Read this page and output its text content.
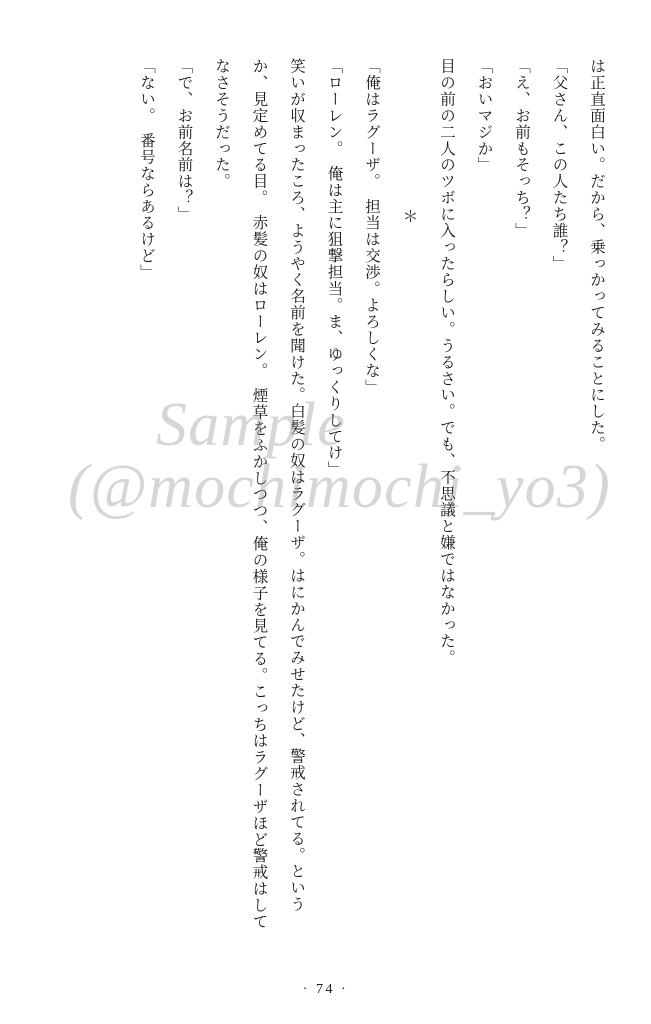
は正直面白い。だから、乗っかってみることにした。
「父さん、この人たち誰？」
「え、お前もそっち？」
「おいマジか」
目の前の二人のツボに入ったらしい。うるさい。でも、不思議と嫌ではなかった。
＊
「俺はラグーザ。　担当は交渉。よろしくな」
「ローレン。　俺は主に狙撃担当。ま、ゆっくりしてけ」
笑いが収まったころ、ようやく名前を聞けた。白髪の奴はラグーザ。はにかんでみせたけど、警戒されてる。というか、見定めてる目。　赤髪の奴はローレン。　煙草をふかしつつ、俺の様子を見てる。こっちはラグーザほど警戒はしてなさそうだった。
「で、お前名前は？」
「ない。　番号ならあるけど」
Sample
(@mochimochi_yo3)
· 74 ·
